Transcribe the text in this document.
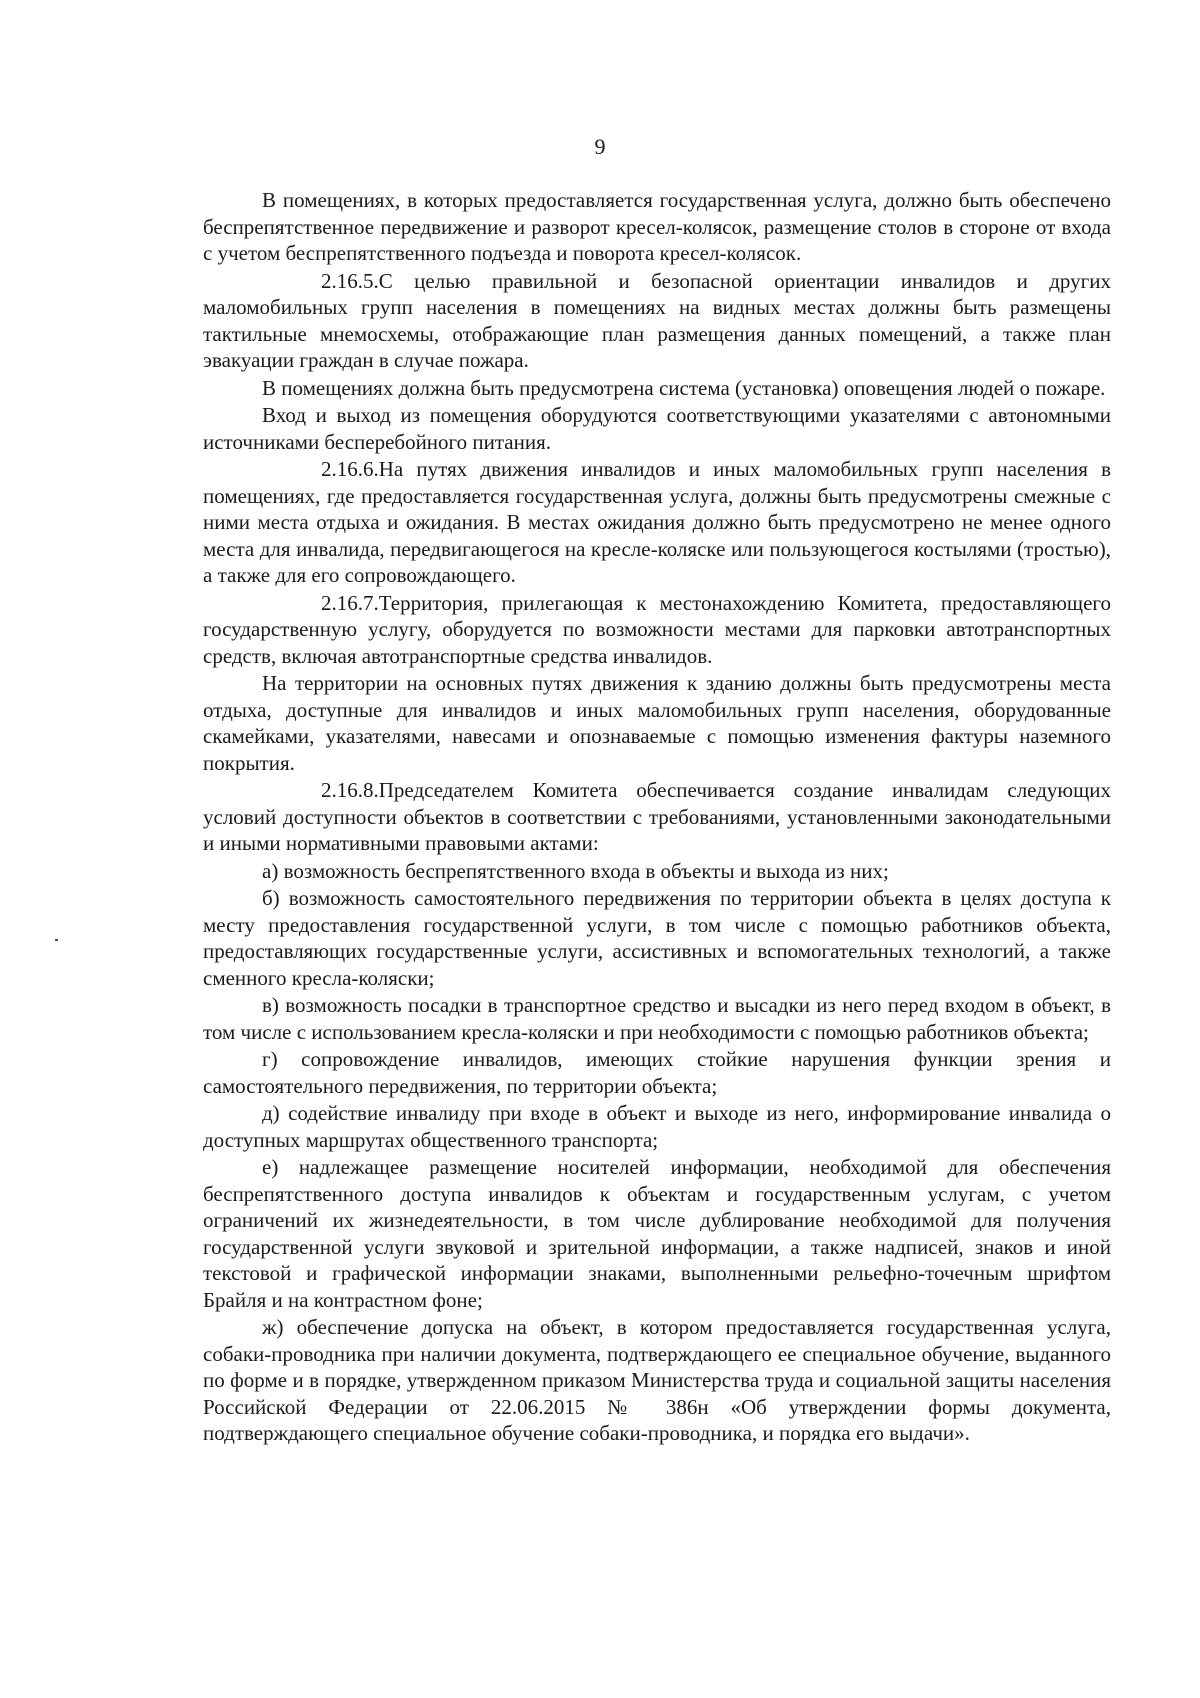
9

В помещениях, в которых предоставляется государственная услуга, должно быть обеспечено беспрепятственное передвижение и разворот кресел-колясок, размещение столов в стороне от входа с учетом беспрепятственного подъезда и поворота кресел-колясок.

2.16.5.С целью правильной и безопасной ориентации инвалидов и других маломобильных групп населения в помещениях на видных местах должны быть размещены тактильные мнемосхемы, отображающие план размещения данных помещений, а также план эвакуации граждан в случае пожара.

В помещениях должна быть предусмотрена система (установка) оповещения людей о пожаре.

Вход и выход из помещения оборудуются соответствующими указателями с автономными источниками бесперебойного питания.

2.16.6.На путях движения инвалидов и иных маломобильных групп населения в помещениях, где предоставляется государственная услуга, должны быть предусмотрены смежные с ними места отдыха и ожидания. В местах ожидания должно быть предусмотрено не менее одного места для инвалида, передвигающегося на кресле-коляске или пользующегося костылями (тростью), а также для его сопровождающего.

2.16.7.Территория, прилегающая к местонахождению Комитета, предоставляющего государственную услугу, оборудуется по возможности местами для парковки автотранспортных средств, включая автотранспортные средства инвалидов.

На территории на основных путях движения к зданию должны быть предусмотрены места отдыха, доступные для инвалидов и иных маломобильных групп населения, оборудованные скамейками, указателями, навесами и опознаваемые с помощью изменения фактуры наземного покрытия.

2.16.8.Председателем Комитета обеспечивается создание инвалидам следующих условий доступности объектов в соответствии с требованиями, установленными законодательными и иными нормативными правовыми актами:

а) возможность беспрепятственного входа в объекты и выхода из них;

б) возможность самостоятельного передвижения по территории объекта в целях доступа к месту предоставления государственной услуги, в том числе с помощью работников объекта, предоставляющих государственные услуги, ассистивных и вспомогательных технологий, а также сменного кресла-коляски;

в) возможность посадки в транспортное средство и высадки из него перед входом в объект, в том числе с использованием кресла-коляски и при необходимости с помощью работников объекта;

г) сопровождение инвалидов, имеющих стойкие нарушения функции зрения и самостоятельного передвижения, по территории объекта;

д) содействие инвалиду при входе в объект и выходе из него, информирование инвалида о доступных маршрутах общественного транспорта;

е) надлежащее размещение носителей информации, необходимой для обеспечения беспрепятственного доступа инвалидов к объектам и государственным услугам, с учетом ограничений их жизнедеятельности, в том числе дублирование необходимой для получения государственной услуги звуковой и зрительной информации, а также надписей, знаков и иной текстовой и графической информации знаками, выполненными рельефно-точечным шрифтом Брайля и на контрастном фоне;

ж) обеспечение допуска на объект, в котором предоставляется государственная услуга, собаки-проводника при наличии документа, подтверждающего ее специальное обучение, выданного по форме и в порядке, утвержденном приказом Министерства труда и социальной защиты населения Российской Федерации от 22.06.2015 № 386н «Об утверждении формы документа, подтверждающего специальное обучение собаки-проводника, и порядка его выдачи».
